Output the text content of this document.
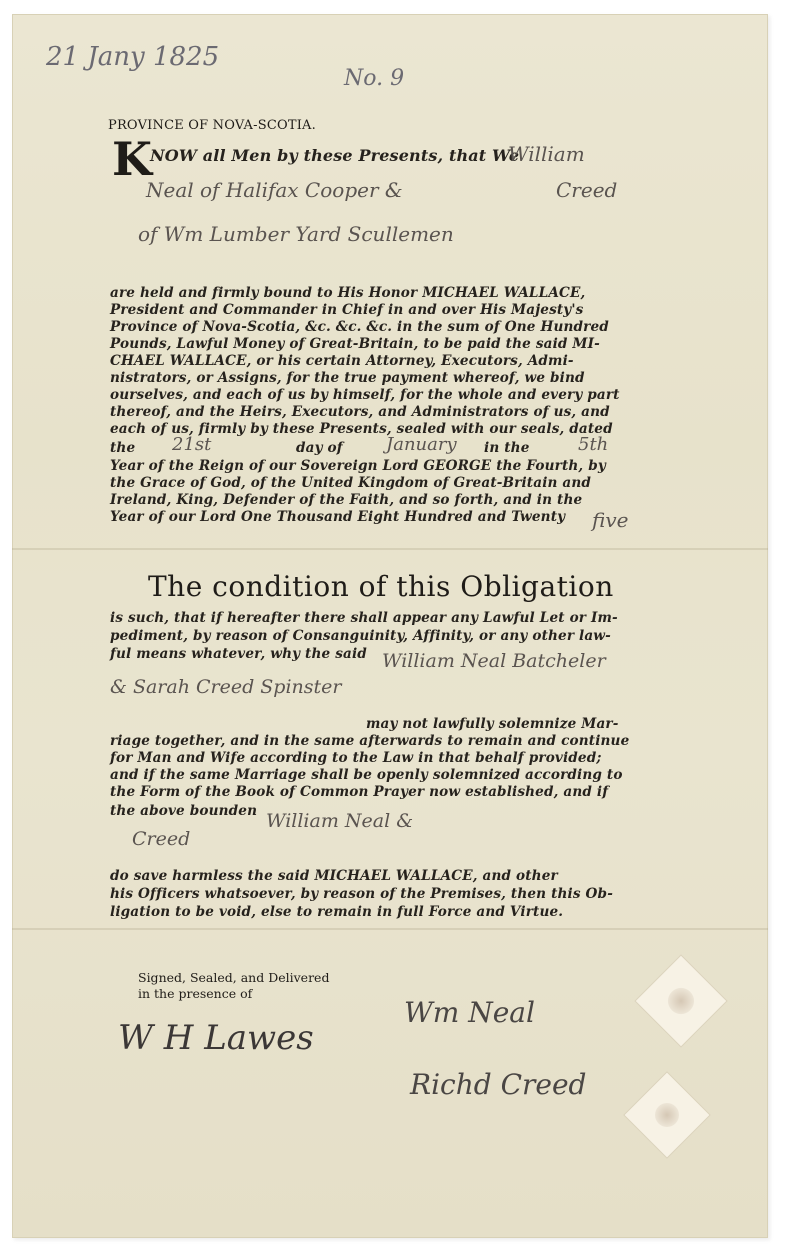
21 Jany 1825
No. 9
PROVINCE OF NOVA-SCOTIA.
K
NOW all Men by these Presents, that We
William
Neal of Halifax Cooper &	Creed
of Wm Lumber Yard Scullemen
are held and firmly bound to His Honor MICHAEL WALLACE,
President and Commander in Chief in and over His Majesty's
Province of Nova-Scotia, &c. &c. &c. in the sum of One Hundred
Pounds, Lawful Money of Great-Britain, to be paid the said MI-
CHAEL WALLACE, or his certain Attorney, Executors, Admi-
nistrators, or Assigns, for the true payment whereof, we bind
ourselves, and each of us by himself, for the whole and every part
thereof, and the Heirs, Executors, and Administrators of us, and
each of us, firmly by these Presents, sealed with our seals, dated
the 21st	day of January in the	5th
Year of the Reign of our Sovereign Lord GEORGE the Fourth, by
the Grace of God, of the United Kingdom of Great-Britain and
Ireland, King, Defender of the Faith, and so forth, and in the
Year of our Lord One Thousand Eight Hundred and Twenty five
The condition of this Obligation
is such, that if hereafter there shall appear any Lawful Let or Im-
pediment, by reason of Consanguinity, Affinity, or any other law-
ful means whatever, why the said William Neal Batcheler
& Sarah Creed Spinster
may not lawfully solemnize Mar-
riage together, and in the same afterwards to remain and continue
for Man and Wife according to the Law in that behalf provided;
and if the same Marriage shall be openly solemnized according to
the Form of the Book of Common Prayer now established, and if
the above bounden William Neal &
Creed
do save harmless the said MICHAEL WALLACE, and other
his Officers whatsoever, by reason of the Premises, then this Ob-
ligation to be void, else to remain in full Force and Virtue.
Signed, Sealed, and Delivered
in the presence of
W H Lawes
Wm Neal
Richd Creed
